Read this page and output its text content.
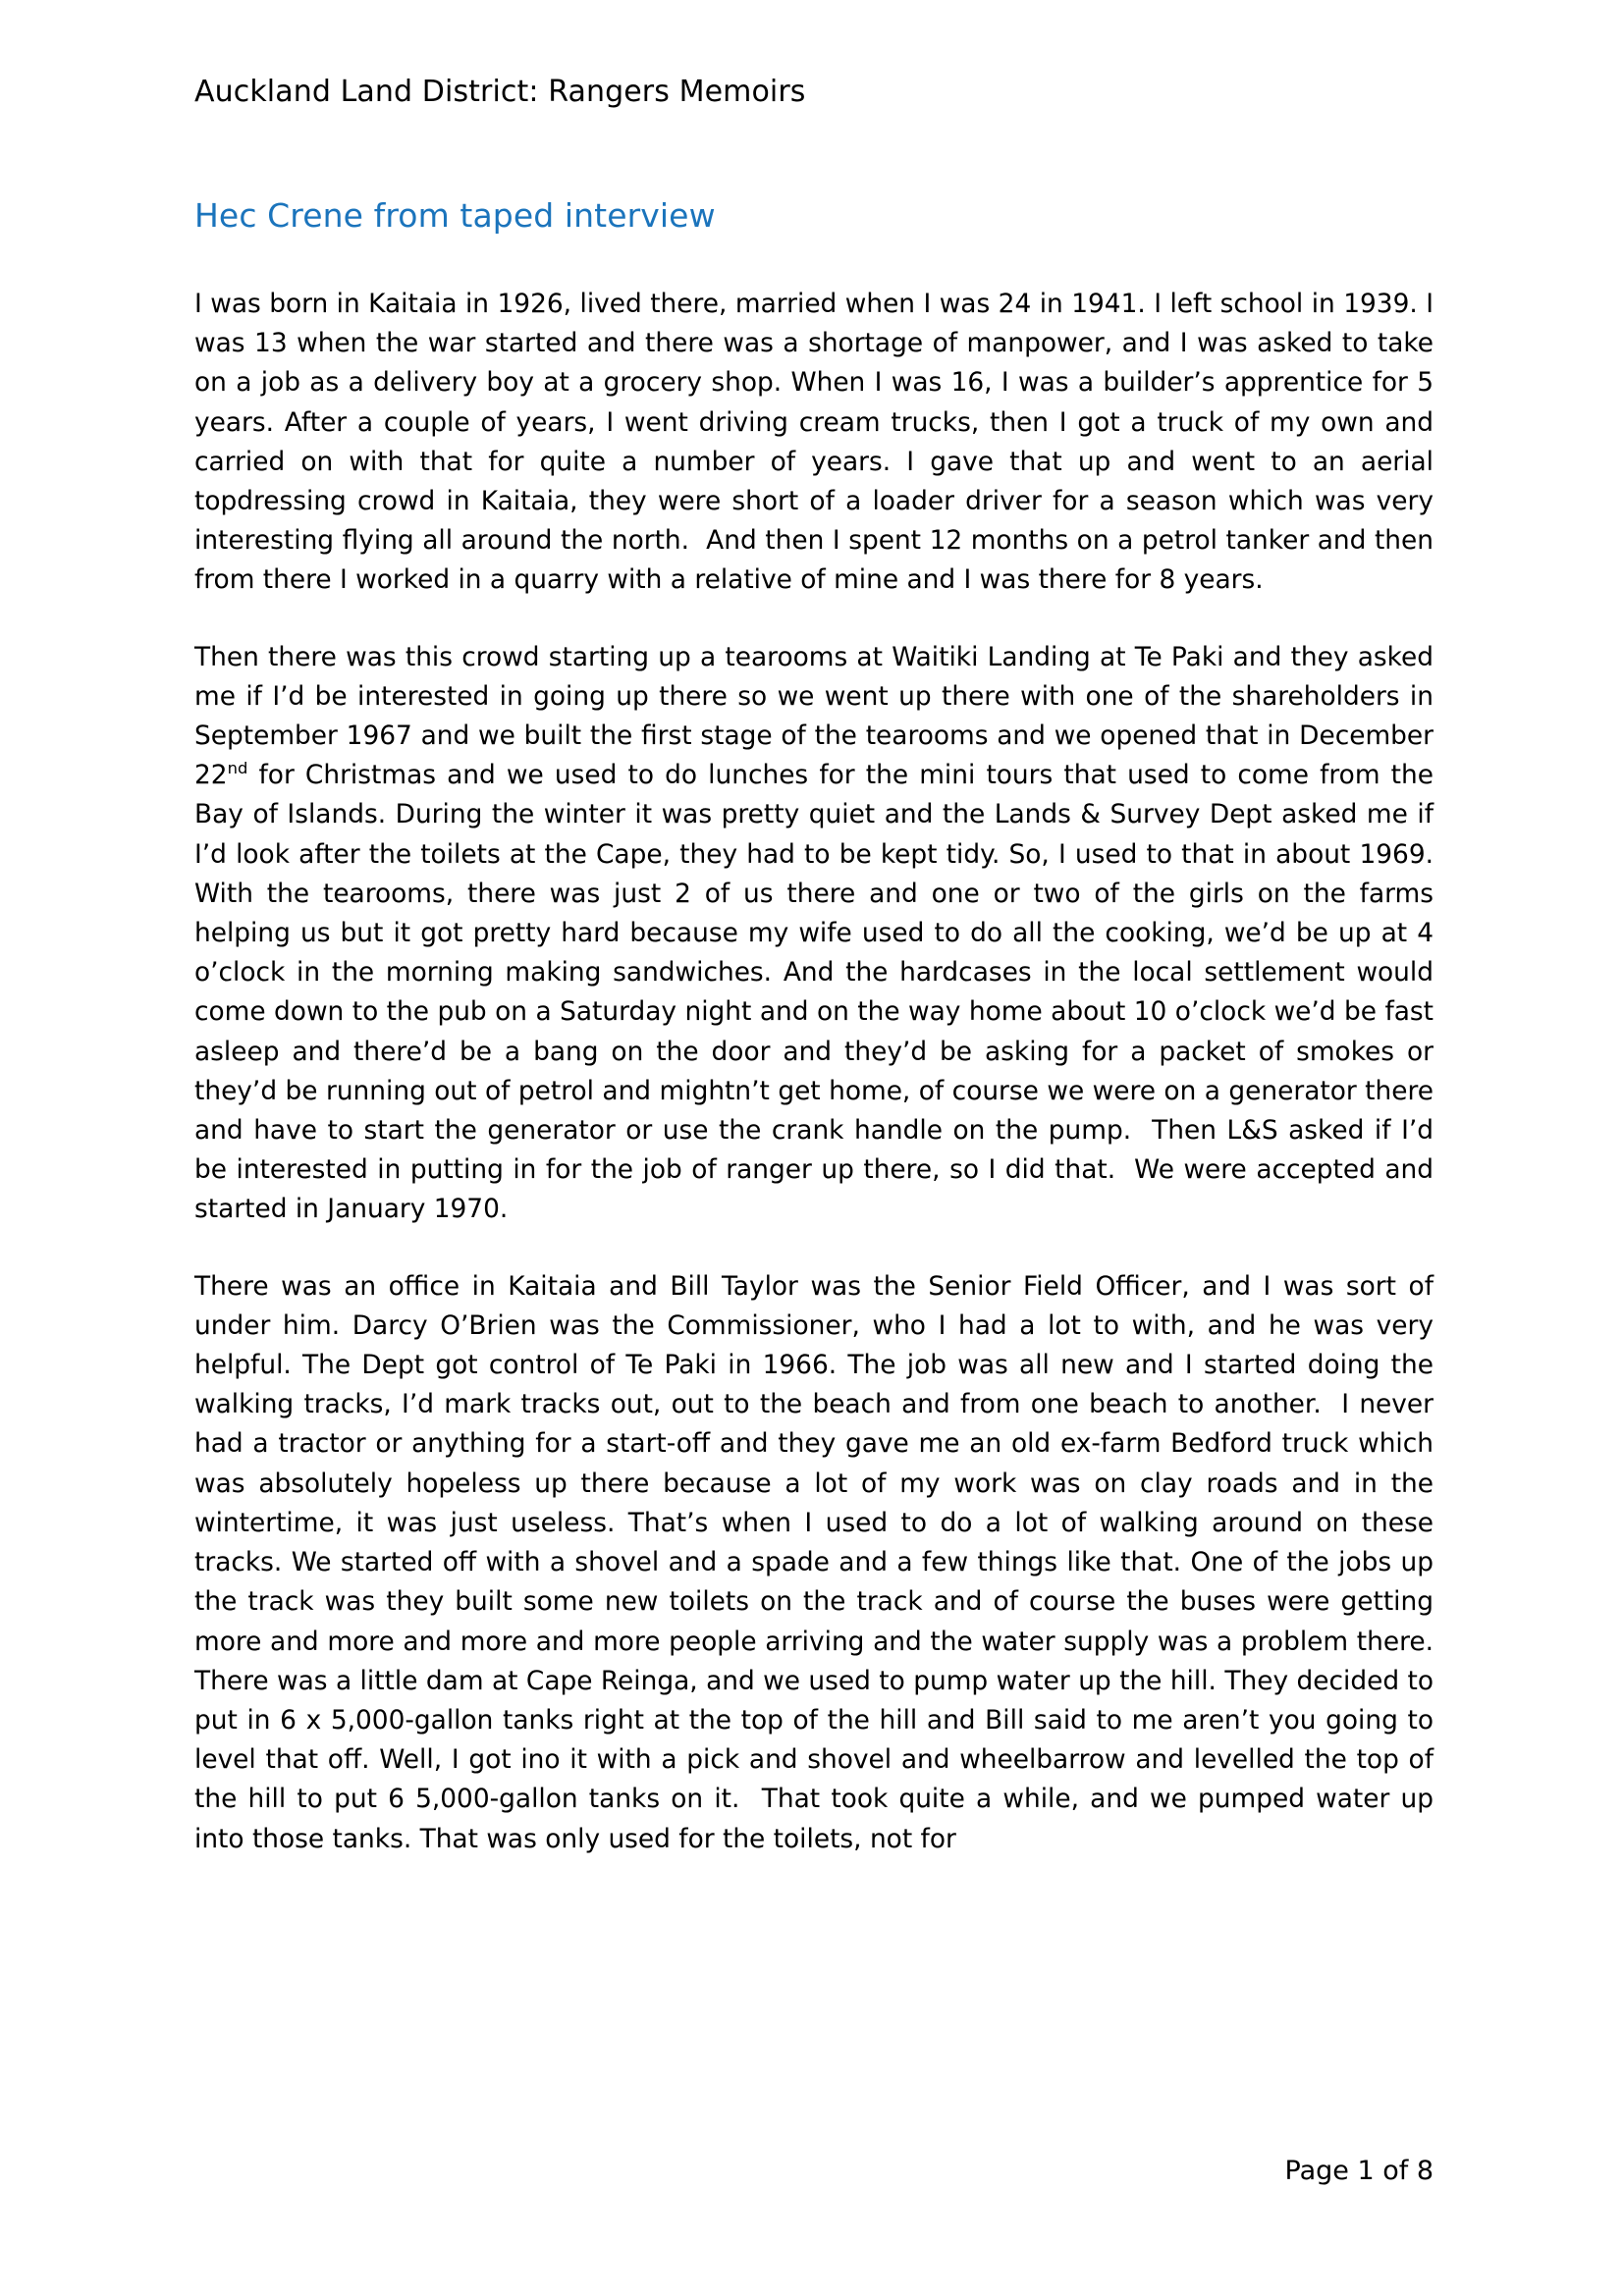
Auckland Land District: Rangers Memoirs
Hec Crene from taped interview

I was born in Kaitaia in 1926, lived there, married when I was 24 in 1941. I left school in 1939. I was 13 when the war started and there was a shortage of manpower, and I was asked to take on a job as a delivery boy at a grocery shop. When I was 16, I was a builder’s apprentice for 5 years. After a couple of years, I went driving cream trucks, then I got a truck of my own and carried on with that for quite a number of years. I gave that up and went to an aerial topdressing crowd in Kaitaia, they were short of a loader driver for a season which was very interesting flying all around the north.  And then I spent 12 months on a petrol tanker and then from there I worked in a quarry with a relative of mine and I was there for 8 years.

Then there was this crowd starting up a tearooms at Waitiki Landing at Te Paki and they asked me if I’d be interested in going up there so we went up there with one of the shareholders in September 1967 and we built the first stage of the tearooms and we opened that in December 22nd for Christmas and we used to do lunches for the mini tours that used to come from the Bay of Islands. During the winter it was pretty quiet and the Lands & Survey Dept asked me if I’d look after the toilets at the Cape, they had to be kept tidy. So, I used to that in about 1969. With the tearooms, there was just 2 of us there and one or two of the girls on the farms helping us but it got pretty hard because my wife used to do all the cooking, we’d be up at 4 o’clock in the morning making sandwiches. And the hardcases in the local settlement would come down to the pub on a Saturday night and on the way home about 10 o’clock we’d be fast asleep and there’d be a bang on the door and they’d be asking for a packet of smokes or they’d be running out of petrol and mightn’t get home, of course we were on a generator there and have to start the generator or use the crank handle on the pump.  Then L&S asked if I’d be interested in putting in for the job of ranger up there, so I did that.  We were accepted and started in January 1970.

There was an office in Kaitaia and Bill Taylor was the Senior Field Officer, and I was sort of under him. Darcy O’Brien was the Commissioner, who I had a lot to with, and he was very helpful. The Dept got control of Te Paki in 1966. The job was all new and I started doing the walking tracks, I’d mark tracks out, out to the beach and from one beach to another.  I never had a tractor or anything for a start-off and they gave me an old ex-farm Bedford truck which was absolutely hopeless up there because a lot of my work was on clay roads and in the wintertime, it was just useless. That’s when I used to do a lot of walking around on these tracks. We started off with a shovel and a spade and a few things like that. One of the jobs up the track was they built some new toilets on the track and of course the buses were getting more and more and more and more people arriving and the water supply was a problem there. There was a little dam at Cape Reinga, and we used to pump water up the hill. They decided to put in 6 x 5,000-gallon tanks right at the top of the hill and Bill said to me aren’t you going to level that off. Well, I got ino it with a pick and shovel and wheelbarrow and levelled the top of the hill to put 6 5,000-gallon tanks on it.  That took quite a while, and we pumped water up into those tanks. That was only used for the toilets, not for

Page 1 of 8
